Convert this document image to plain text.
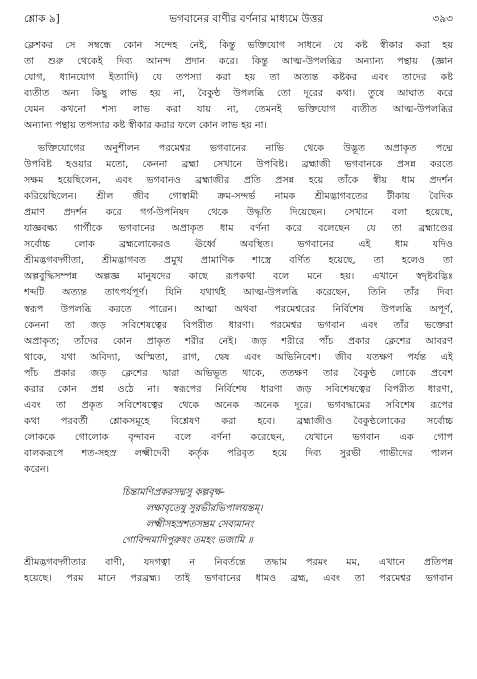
শ্লোক ৯]	ভগবানের বাণীর বর্ণনার মাধ্যমে উত্তর	৩৯৩
ক্লেশকর সে সম্বন্ধে কোন সন্দেহ নেই, কিন্তু ভক্তিযোগ সাধনে যে কষ্ট স্বীকার করা হয়
তা শুরু থেকেই দিব্য আনন্দ প্রদান করে। কিন্তু আত্ম-উপলব্ধির অন্যান্য পন্থায় (জ্ঞান
যোগ, ধ্যানযোগ ইত্যাদি) যে তপস্যা করা হয় তা অত্যন্ত কষ্টকর এবং তাদের কষ্ট
ব্যতীত অন্য কিছু লাভ হয় না, বৈকুণ্ঠ উপলব্ধি তো দূরের কথা। তুষে আঘাত করে
যেমন কখনো শস্য লাভ করা যায় না, তেমনই ভক্তিযোগ ব্যতীত আত্ম-উপলব্ধির
অন্যান্য পন্থায় তপস্যার কষ্ট স্বীকার করার ফলে কোন লাভ হয় না।
ভক্তিযোগের অনুশীলন পরমেশ্বর ভগবানের নাভি থেকে উদ্ভূত অপ্রাকৃত পদ্মে
উপবিষ্ট হওয়ার মতো, কেননা ব্রহ্মা সেখানে উপবিষ্ট। ব্রহ্মাজী ভগবানকে প্রসন্ন করতে
সক্ষম হয়েছিলেন, এবং ভগবানও ব্রহ্মাজীর প্রতি প্রসন্ন হয়ে তাঁকে স্বীয় ধাম প্রদর্শন
করিয়েছিলেন। শ্রীল জীব গোস্বামী ক্রম-সন্দর্ভ নামক শ্রীমদ্ভাগবতের টীকায় বৈদিক
প্রমাণ প্রদর্শন করে গর্গ-উপনিষদ থেকে উদ্ধৃতি দিয়েছেন। সেখানে বলা হয়েছে,
যাজ্ঞবল্ক্য গার্গীকে ভগবানের অপ্রাকৃত ধাম বর্ণনা করে বলেছেন যে তা ব্রহ্মাণ্ডের
সর্বোচ্চ লোক ব্রহ্মলোকেরও ঊর্ধ্বে অবস্থিত। ভগবানের এই ধাম যদিও
শ্রীমদ্ভগবদ্গীতা, শ্রীমদ্ভাগবত প্রমুখ প্রামাণিক শাস্ত্রে বর্ণিত হয়েছে, তা হলেও তা
অল্পবুদ্ধিসম্পন্ন অল্পজ্ঞ মানুষদের কাছে রূপকথা বলে মনে হয়। এখানে স্বদৃষ্টবদ্ভিঃ
শব্দটি অত্যন্ত তাৎপর্যপূর্ণ। যিনি যথার্থই আত্ম-উপলব্ধি করেছেন, তিনি তাঁর দিব্য
স্বরূপ উপলব্ধি করতে পারেন। আত্মা অথবা পরমেশ্বরের নির্বিশেষ উপলব্ধি অপূর্ণ,
কেননা তা জড় সবিশেষত্বের বিপরীত ধারণা। পরমেশ্বর ভগবান এবং তাঁর ভক্তেরা
অপ্রাকৃত; তাঁদের কোন প্রাকৃত শরীর নেই। জড় শরীরে পাঁচ প্রকার ক্লেশের আবরণ
থাকে, যথা অবিদ্যা, অস্মিতা, রাগ, দ্বেষ এবং অভিনিবেশ। জীব যতক্ষণ পর্যন্ত এই
পাঁচ প্রকার জড় ক্লেশের দ্বারা অভিভূত থাকে, ততক্ষণ তার বৈকুণ্ঠ লোকে প্রবেশ
করার কোন প্রশ্ন ওঠে না। স্বরূপের নির্বিশেষ ধারণা জড় সবিশেষত্বের বিপরীত ধারণা,
এবং তা প্রকৃত সবিশেষত্বের থেকে অনেক অনেক দূরে। ভগবদ্ধামের সবিশেষ রূপের
কথা পরবর্তী শ্লোকসমূহে বিশ্লেষণ করা হবে। ব্রহ্মাজীও বৈকুণ্ঠলোকের সর্বোচ্চ
লোককে গোলোক বৃন্দাবন বলে বর্ণনা করেছেন, যেখানে ভগবান এক গোপ
বালকরূপে শত-সহস্র লক্ষ্মীদেবী কর্তৃক পরিবৃত হয়ে দিব্য সুরভী গাভীদের পালন
করেন।
চিন্তামণিপ্রকরসদ্মসু কল্পবৃক্ষ-
লক্ষাবৃতেষু সুরভীরভিপালয়ন্তম্।
লক্ষ্মীসহস্রশতসম্ভ্রম সেব্যমানং
গোবিন্দমাদিপুরুষং তমহং ভজামি ॥
শ্রীমদ্ভগবদ্গীতার বাণী, যদগত্বা ন নিবর্তন্তে তদ্ধাম পরমং মম, এখানে প্রতিপন্ন
হয়েছে। পরম মানে পরব্রহ্ম। তাই ভগবানের ধামও ব্রহ্ম, এবং তা পরমেশ্বর ভগবান
